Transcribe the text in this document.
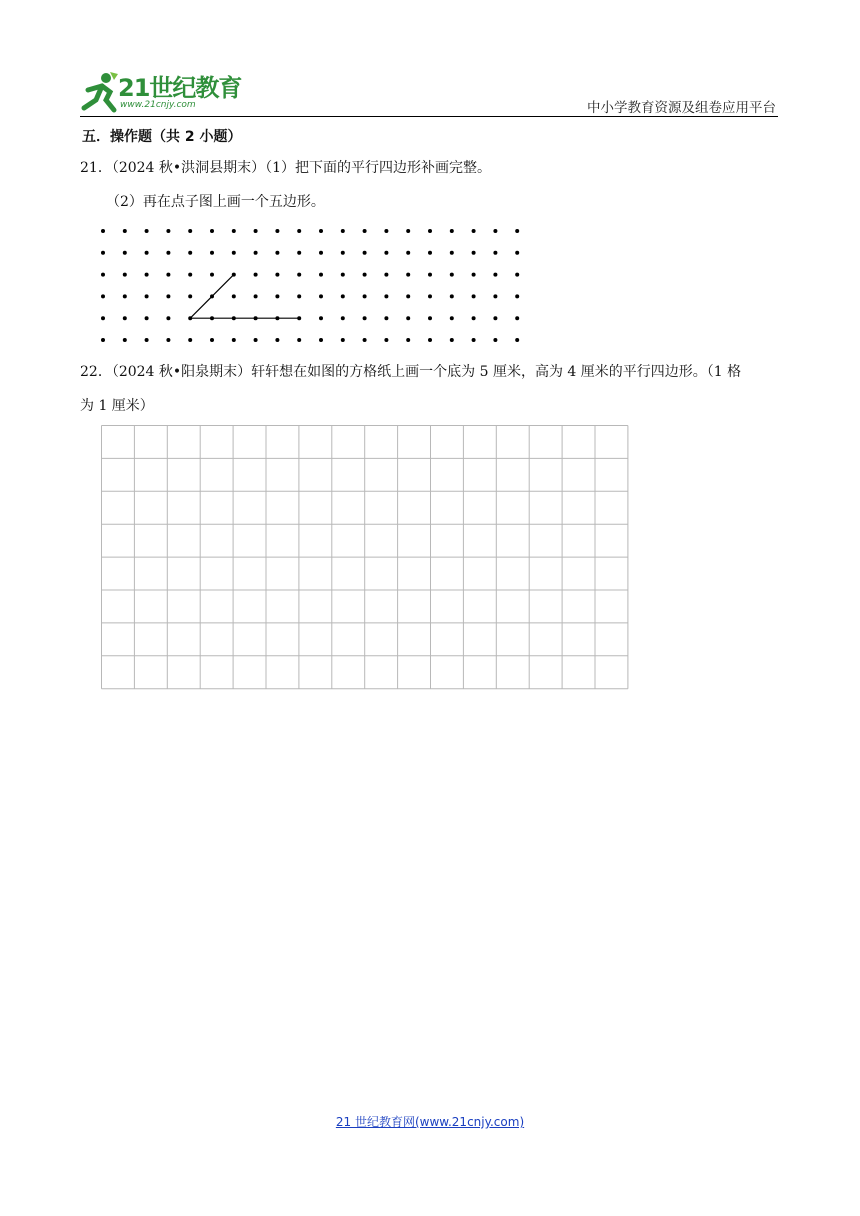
21世纪教育
www.21cnjy.com	中小学教育资源及组卷应用平台
五．操作题（共 2 小题）
21．（2024 秋•洪洞县期末）（1）把下面的平行四边形补画完整。
（2）再在点子图上画一个五边形。
22．（2024 秋•阳泉期末）轩轩想在如图的方格纸上画一个底为 5 厘米，高为 4 厘米的平行四边形。（1 格
为 1 厘米）
21 世纪教育网(www.21cnjy.com)
